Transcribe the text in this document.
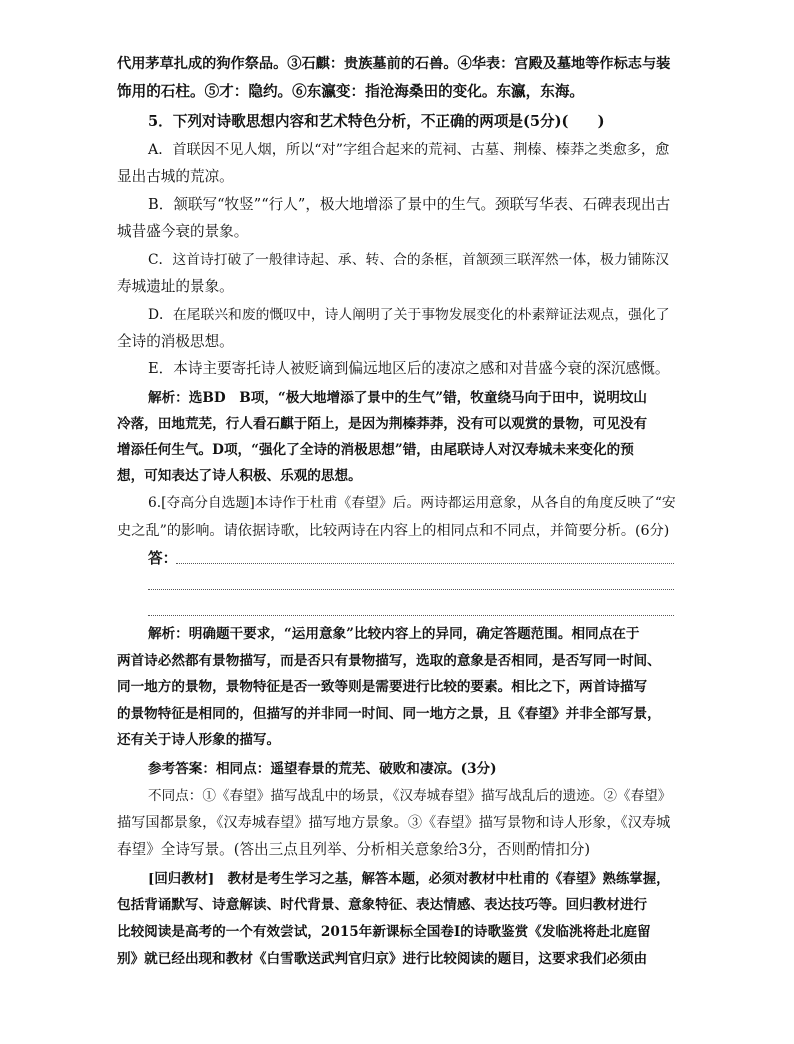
代用茅草扎成的狗作祭品。③石麒：贵族墓前的石兽。④华表：宫殿及墓地等作标志与装
饰用的石柱。⑤才：隐约。⑥东瀛变：指沧海桑田的变化。东瀛，东海。
5．下列对诗歌思想内容和艺术特色分析，不正确的两项是(5分)(　　)
A．首联因不见人烟，所以“对”字组合起来的荒祠、古墓、荆榛、榛莽之类愈多，愈
显出古城的荒凉。
B．颔联写“牧竖”“行人”，极大地增添了景中的生气。颈联写华表、石碑表现出古
城昔盛今衰的景象。
C．这首诗打破了一般律诗起、承、转、合的条框，首颔颈三联浑然一体，极力铺陈汉
寿城遗址的景象。
D．在尾联兴和废的慨叹中，诗人阐明了关于事物发展变化的朴素辩证法观点，强化了
全诗的消极思想。
E．本诗主要寄托诗人被贬谪到偏远地区后的凄凉之感和对昔盛今衰的深沉感慨。
解析：选BD　B项，“极大地增添了景中的生气”错，牧童绕马向于田中，说明坟山
冷落，田地荒芜，行人看石麒于陌上，是因为荆榛莽莽，没有可以观赏的景物，可见没有
增添任何生气。D项，“强化了全诗的消极思想”错，由尾联诗人对汉寿城未来变化的预
想，可知表达了诗人积极、乐观的思想。
6.[夺高分自选题]本诗作于杜甫《春望》后。两诗都运用意象，从各自的角度反映了“安
史之乱”的影响。请依据诗歌，比较两诗在内容上的相同点和不同点，并简要分析。(6分)
答：
解析：明确题干要求，“运用意象”比较内容上的异同，确定答题范围。相同点在于
两首诗必然都有景物描写，而是否只有景物描写，选取的意象是否相同，是否写同一时间、
同一地方的景物，景物特征是否一致等则是需要进行比较的要素。相比之下，两首诗描写
的景物特征是相同的，但描写的并非同一时间、同一地方之景，且《春望》并非全部写景，
还有关于诗人形象的描写。
参考答案：相同点：遥望春景的荒芜、破败和凄凉。(3分)
不同点：①《春望》描写战乱中的场景，《汉寿城春望》描写战乱后的遗迹。②《春望》
描写国都景象，《汉寿城春望》描写地方景象。③《春望》描写景物和诗人形象，《汉寿城
春望》全诗写景。(答出三点且列举、分析相关意象给3分，否则酌情扣分)
[回归教材]　教材是考生学习之基，解答本题，必须对教材中杜甫的《春望》熟练掌握，
包括背诵默写、诗意解读、时代背景、意象特征、表达情感、表达技巧等。回归教材进行
比较阅读是高考的一个有效尝试，2015年新课标全国卷Ⅰ的诗歌鉴赏《发临洮将赴北庭留
别》就已经出现和教材《白雪歌送武判官归京》进行比较阅读的题目，这要求我们必须由
